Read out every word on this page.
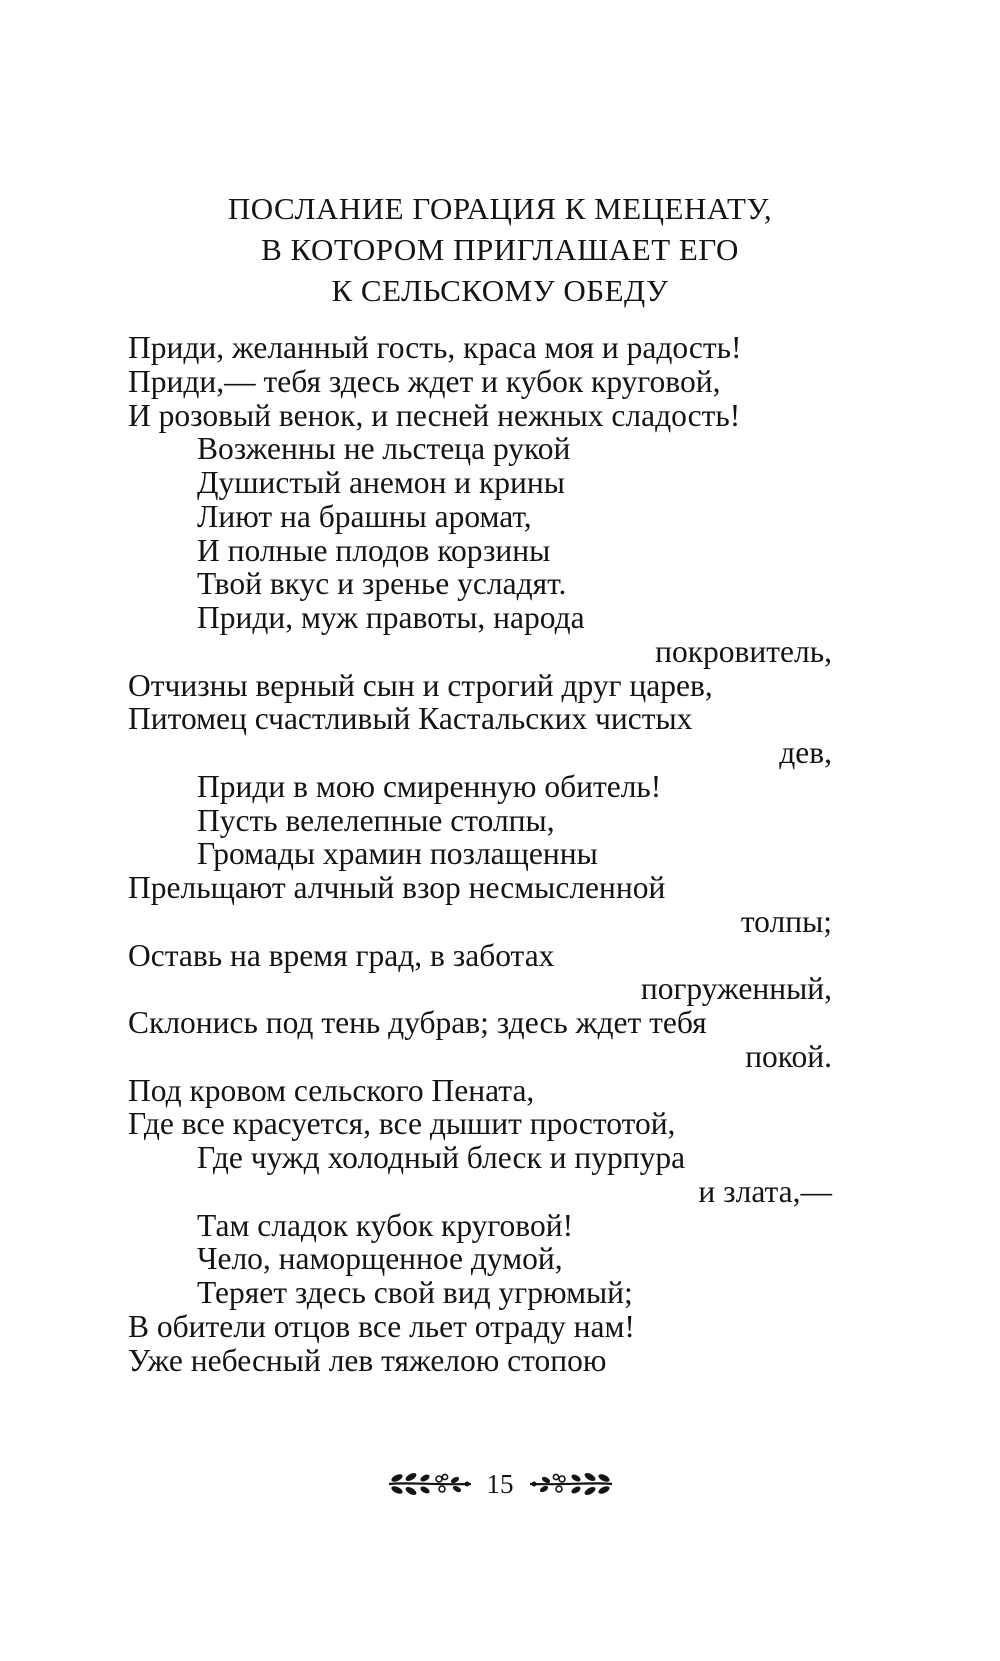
ПОСЛАНИЕ ГОРАЦИЯ К МЕЦЕНАТУ,
В КОТОРОМ ПРИГЛАШАЕТ ЕГО
К СЕЛЬСКОМУ ОБЕДУ
Приди, желанный гость, краса моя и радость!
Приди,— тебя здесь ждет и кубок круговой,
И розовый венок, и песней нежных сладость!
Возженны не льстеца рукой
Душистый анемон и крины
Лиют на брашны аромат,
И полные плодов корзины
Твой вкус и зренье усладят.
Приди, муж правоты, народа
покровитель,
Отчизны верный сын и строгий друг царев,
Питомец счастливый Кастальских чистых
дев,
Приди в мою смиренную обитель!
Пусть велелепные столпы,
Громады храмин позлащенны
Прельщают алчный взор несмысленной
толпы;
Оставь на время град, в заботах
погруженный,
Склонись под тень дубрав; здесь ждет тебя
покой.
Под кровом сельского Пената,
Где все красуется, все дышит простотой,
Где чужд холодный блеск и пурпура
и злата,—
Там сладок кубок круговой!
Чело, наморщенное думой,
Теряет здесь свой вид угрюмый;
В обители отцов все льет отраду нам!
Уже небесный лев тяжелою стопою
15
